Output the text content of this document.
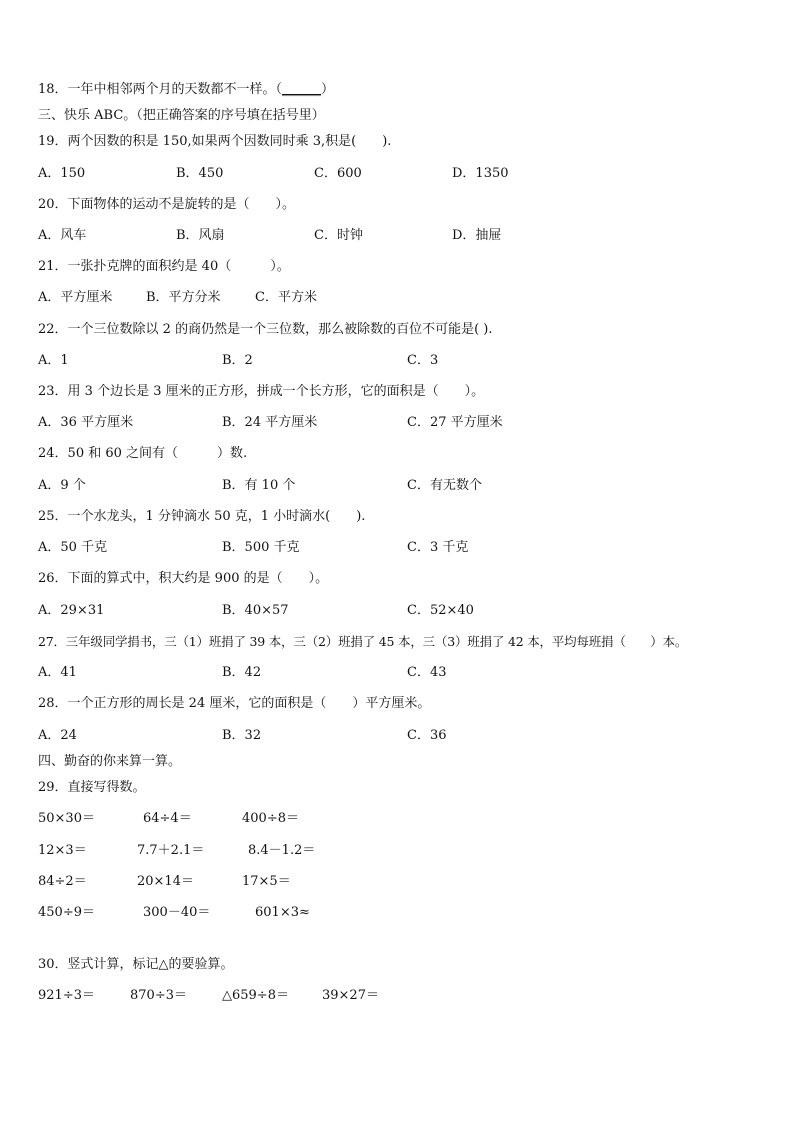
18．一年中相邻两个月的天数都不一样。（______）
三、快乐 ABC。（把正确答案的序号填在括号里）
19．两个因数的积是 150,如果两个因数同时乘 3,积是(　　).
A．150	B．450	C．600	D．1350
20．下面物体的运动不是旋转的是（　　）。
A．风车	B．风扇	C．时钟	D．抽屉
21．一张扑克牌的面积约是 40（　　　）。
A．平方厘米	B．平方分米	C．平方米
22．一个三位数除以 2 的商仍然是一个三位数，那么被除数的百位不可能是( ).
A．1	B．2	C．3
23．用 3 个边长是 3 厘米的正方形，拼成一个长方形，它的面积是（　　）。
A．36 平方厘米	B．24 平方厘米	C．27 平方厘米
24．50 和 60 之间有（　　　）数.
A．9 个	B．有 10 个	C．有无数个
25．一个水龙头，1 分钟滴水 50 克，1 小时滴水(　　).
A．50 千克	B．500 千克	C．3 千克
26．下面的算式中，积大约是 900 的是（　　）。
A．29×31	B．40×57	C．52×40
27．三年级同学捐书，三（1）班捐了 39 本，三（2）班捐了 45 本，三（3）班捐了 42 本，平均每班捐（　　）本。
A．41	B．42	C．43
28．一个正方形的周长是 24 厘米，它的面积是（　　）平方厘米。
A．24	B．32	C．36
四、勤奋的你来算一算。
29．直接写得数。
50×30＝	64÷4＝	400÷8＝
12×3＝	7.7＋2.1＝	8.4－1.2＝
84÷2＝	20×14＝	17×5＝
450÷9＝	300－40＝	601×3≈
30．竖式计算，标记△的要验算。
921÷3＝	870÷3＝	△659÷8＝	39×27＝
